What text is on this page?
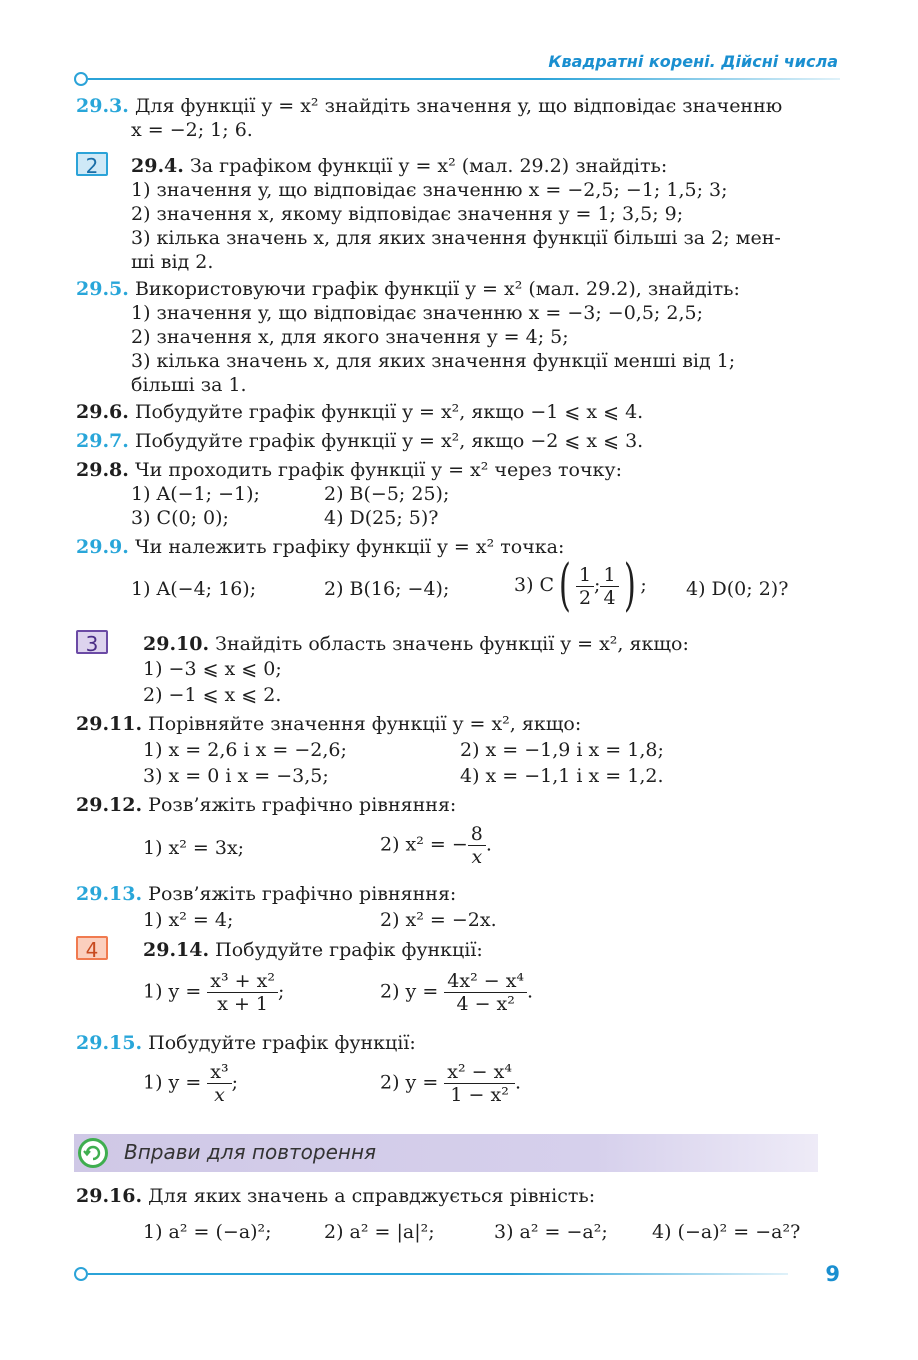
Квадратні корені. Дійсні числа
29.3. Для функції y = x² знайдіть значення y, що відповідає значенню
x = −2; 1; 6.
2	29.4. За графіком функції y = x² (мал. 29.2) знайдіть:
1) значення y, що відповідає значенню x = −2,5; −1; 1,5; 3;
2) значення x, якому відповідає значення y = 1; 3,5; 9;
3) кілька значень x, для яких значення функції більші за 2; мен-
ші від 2.
29.5. Використовуючи графік функції y = x² (мал. 29.2), знайдіть:
1) значення y, що відповідає значенню x = −3; −0,5; 2,5;
2) значення x, для якого значення y = 4; 5;
3) кілька значень x, для яких значення функції менші від 1;
більші за 1.
29.6. Побудуйте графік функції y = x², якщо −1 ⩽ x ⩽ 4.
29.7. Побудуйте графік функції y = x², якщо −2 ⩽ x ⩽ 3.
29.8. Чи проходить графік функції y = x² через точку:
1) A(−1; −1);	2) B(−5; 25);
3) C(0; 0);	4) D(25; 5)?
29.9. Чи належить графіку функції y = x² точка:
1) A(−4; 16);	2) B(16; −4);	3) $C( \frac{1}{2}$ ; $\frac{1}{4}$ ) ; 4) D(0; 2)?
3	29.10. Знайдіть область значень функції y = x², якщо:
1) −3 ⩽ x ⩽ 0;
2) −1 ⩽ x ⩽ 2.
29.11. Порівняйте значення функції y = x², якщо:
1) x = 2,6 і x = −2,6;	2) x = −1,9 і x = 1,8;
3) x = 0 і x = −3,5;	4) x = −1,1 і x = 1,2.
29.12. Розв’яжіть графічно рівняння:
1) x² = 3x;	2) x² = − $\frac{8}{x}$ .
29.13. Розв’яжіть графічно рівняння:
1) x² = 4;	2) x² = −2x.
4	29.14. Побудуйте графік функції:
1) $y = \frac{\text{x³ + x²}}{x + 1}$ ;	2) $y = \frac{\text{4x² − x⁴}}{\text{4 − x²}}$ .
29.15. Побудуйте графік функції:
1) $y = \frac{\text{x³}}{x}$ ;	2) $y = \frac{\text{x² − x⁴}}{\text{1 − x²}}$ .
Вправи для повторення
29.16. Для яких значень a справджується рівність:
1) a² = (−a)²;	2) a² = |a|²;	3) a² = −a²; 4) (−a)² = −a²?
9
